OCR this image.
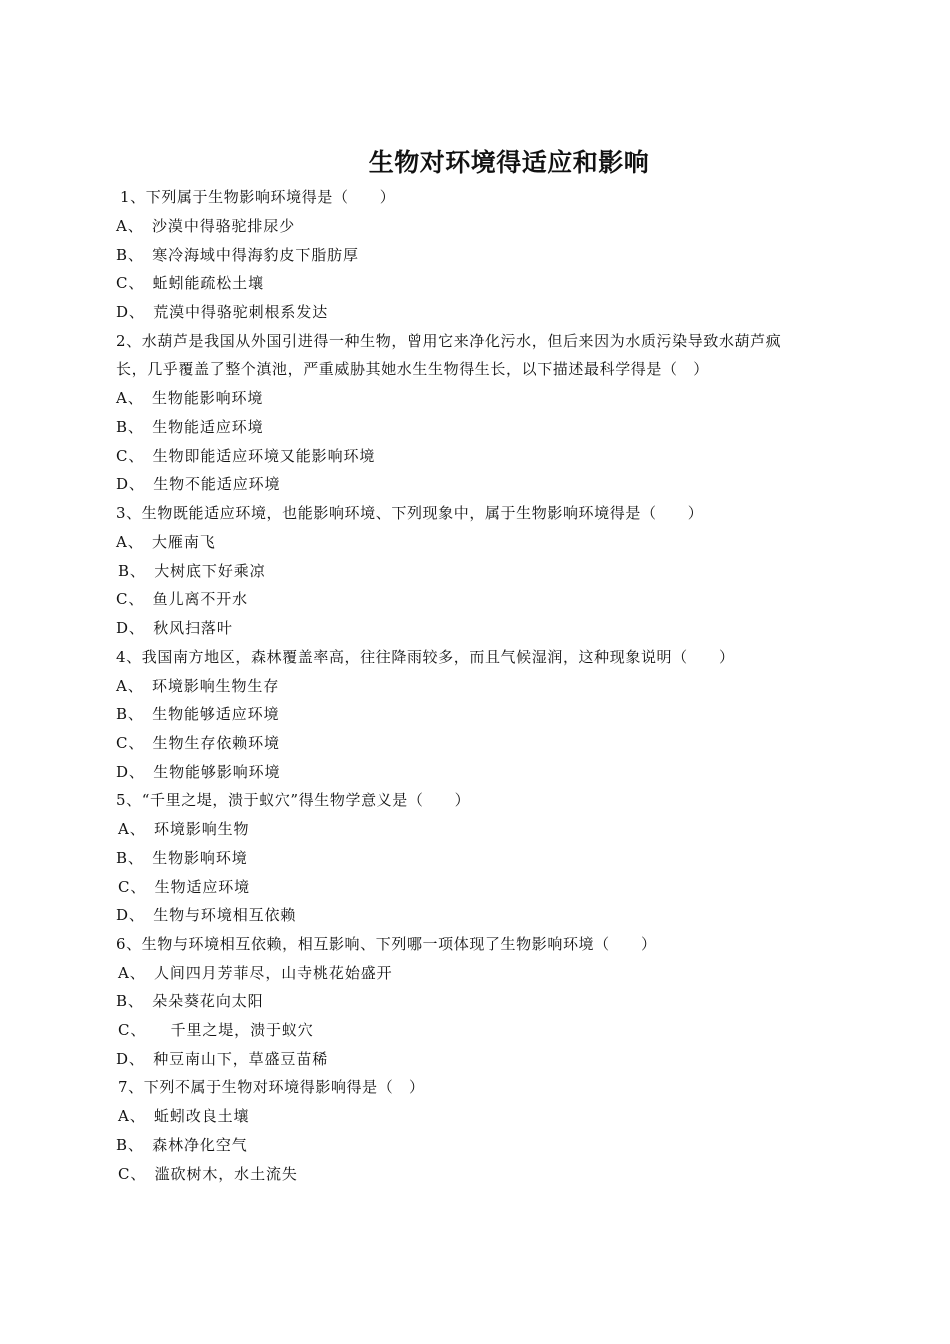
生物对环境得适应和影响
1、下列属于生物影响环境得是（　　）
A、　沙漠中得骆驼排尿少
B、　寒冷海域中得海豹皮下脂肪厚
C、　蚯蚓能疏松土壤
D、　荒漠中得骆驼刺根系发达
2、水葫芦是我国从外国引进得一种生物，曾用它来净化污水，但后来因为水质污染导致水葫芦疯
长，几乎覆盖了整个滇池，严重威胁其她水生生物得生长，以下描述最科学得是（　）
A、　生物能影响环境
B、　生物能适应环境
C、　生物即能适应环境又能影响环境
D、　生物不能适应环境
3、生物既能适应环境，也能影响环境、下列现象中，属于生物影响环境得是（　　）
A、　大雁南飞
B、　大树底下好乘凉
C、　鱼儿离不开水
D、　秋风扫落叶
4、我国南方地区，森林覆盖率高，往往降雨较多，而且气候湿润，这种现象说明（　　）
A、　环境影响生物生存
B、　生物能够适应环境
C、　生物生存依赖环境
D、　生物能够影响环境
5、“千里之堤，溃于蚁穴”得生物学意义是（　　）
A、　环境影响生物
B、　生物影响环境
C、　生物适应环境
D、　生物与环境相互依赖
6、生物与环境相互依赖，相互影响、下列哪一项体现了生物影响环境（　　）
A、　人间四月芳菲尽，山寺桃花始盛开
B、　朵朵葵花向太阳
C、　　千里之堤，溃于蚁穴
D、　种豆南山下，草盛豆苗稀
7、下列不属于生物对环境得影响得是（　）
A、　蚯蚓改良土壤
B、　森林净化空气
C、　滥砍树木，水土流失
